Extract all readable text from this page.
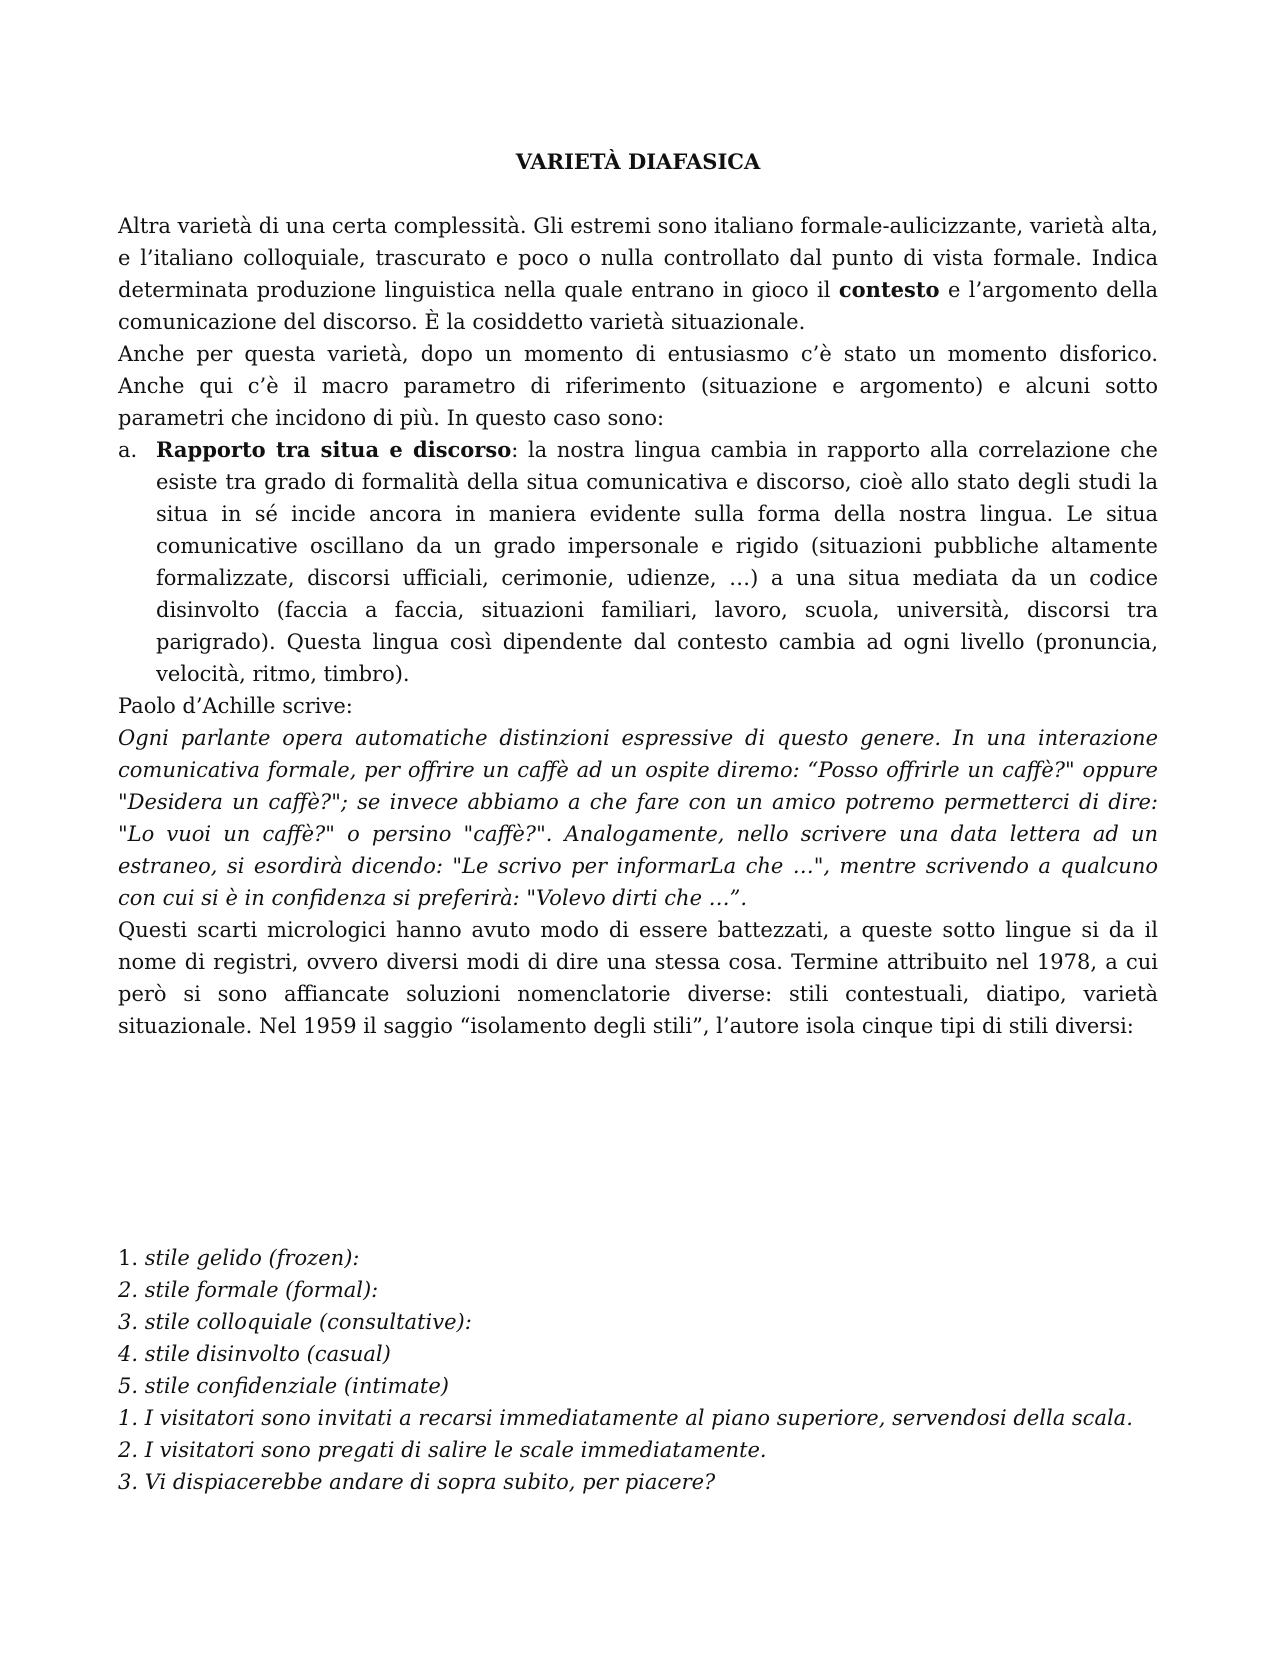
VARIETÀ DIAFASICA

Altra varietà di una certa complessità. Gli estremi sono italiano formale-aulicizzante, varietà alta, e l’italiano colloquiale, trascurato e poco o nulla controllato dal punto di vista formale. Indica determinata produzione linguistica nella quale entrano in gioco il contesto e l’argomento della comunicazione del discorso. È la cosiddetto varietà situazionale.

Anche per questa varietà, dopo un momento di entusiasmo c’è stato un momento disforico. Anche qui c’è il macro parametro di riferimento (situazione e argomento) e alcuni sotto parametri che incidono di più. In questo caso sono:

a. Rapporto tra situa e discorso: la nostra lingua cambia in rapporto alla correlazione che esiste tra grado di formalità della situa comunicativa e discorso, cioè allo stato degli studi la situa in sé incide ancora in maniera evidente sulla forma della nostra lingua. Le situa comunicative oscillano da un grado impersonale e rigido (situazioni pubbliche altamente formalizzate, discorsi ufficiali, cerimonie, udienze, …) a una situa mediata da un codice disinvolto (faccia a faccia, situazioni familiari, lavoro, scuola, università, discorsi tra parigrado). Questa lingua così dipendente dal contesto cambia ad ogni livello (pronuncia, velocità, ritmo, timbro).

Paolo d’Achille scrive:

Ogni parlante opera automatiche distinzioni espressive di questo genere. In una interazione comunicativa formale, per offrire un caffè ad un ospite diremo: “Posso offrirle un caffè?" oppure "Desidera un caffè?"; se invece abbiamo a che fare con un amico potremo permetterci di dire: "Lo vuoi un caffè?" o persino "caffè?". Analogamente, nello scrivere una data lettera ad un estraneo, si esordirà dicendo: "Le scrivo per informarLa che …", mentre scrivendo a qualcuno con cui si è in confidenza si preferirà: "Volevo dirti che …”.

Questi scarti micrologici hanno avuto modo di essere battezzati, a queste sotto lingue si da il nome di registri, ovvero diversi modi di dire una stessa cosa. Termine attribuito nel 1978, a cui però si sono affiancate soluzioni nomenclatorie diverse: stili contestuali, diatipo, varietà situazionale. Nel 1959 il saggio “isolamento degli stili”, l’autore isola cinque tipi di stili diversi:

1. stile gelido (frozen):

2. stile formale (formal):

3. stile colloquiale (consultative):

4. stile disinvolto (casual)

5. stile confidenziale (intimate)

1. I visitatori sono invitati a recarsi immediatamente al piano superiore, servendosi della scala.

2. I visitatori sono pregati di salire le scale immediatamente.

3. Vi dispiacerebbe andare di sopra subito, per piacere?
